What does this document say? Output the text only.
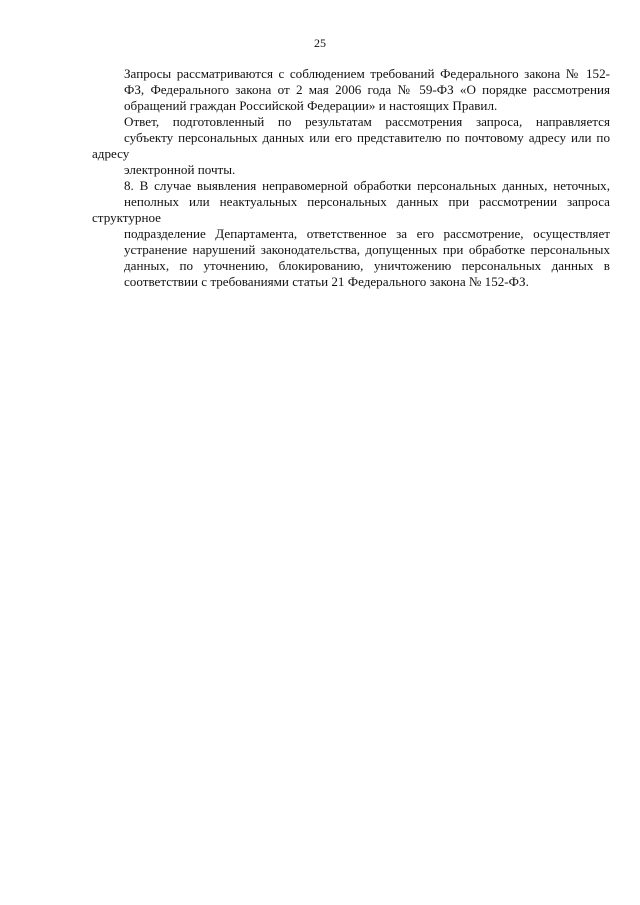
25
Запросы рассматриваются с соблюдением требований Федерального закона № 152-
ФЗ, Федерального закона от 2 мая 2006 года № 59-ФЗ «О порядке рассмотрения
обращений граждан Российской Федерации» и настоящих Правил.
Ответ, подготовленный по результатам рассмотрения запроса, направляется
субъекту персональных данных или его представителю по почтовому адресу или по адресу
электронной почты.
8. В случае выявления неправомерной обработки персональных данных, неточных,
неполных или неактуальных персональных данных при рассмотрении запроса структурное
подразделение Департамента, ответственное за его рассмотрение, осуществляет
устранение нарушений законодательства, допущенных при обработке персональных
данных, по уточнению, блокированию, уничтожению персональных данных в
соответствии с требованиями статьи 21 Федерального закона № 152-ФЗ.
